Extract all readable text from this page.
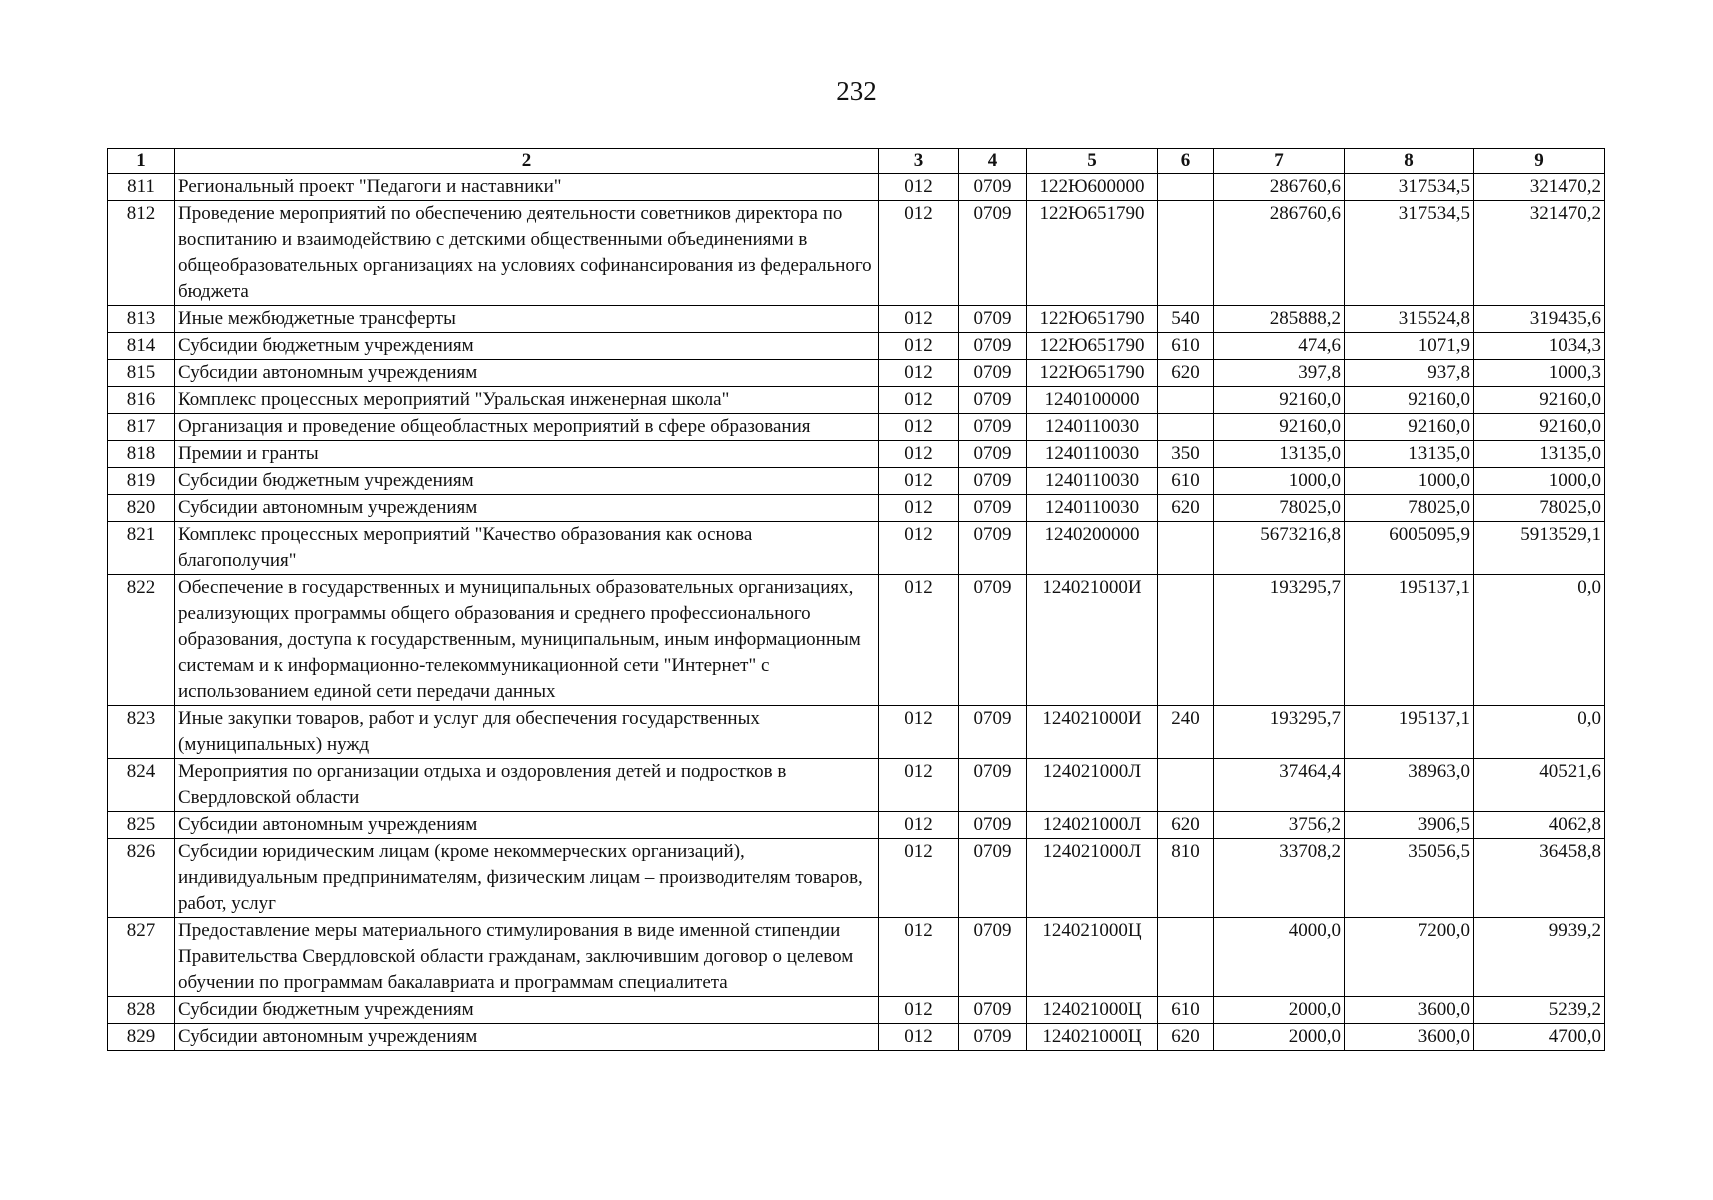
232
1	2	3	4	5	6	7	8	9
811	Региональный проект "Педагоги и наставники"	012	0709	122Ю600000		286760,6	317534,5	321470,2
812	Проведение мероприятий по обеспечению деятельности советников директора по воспитанию и взаимодействию с детскими общественными объединениями в общеобразовательных организациях на условиях софинансирования из федерального бюджета	012	0709	122Ю651790		286760,6	317534,5	321470,2
813	Иные межбюджетные трансферты	012	0709	122Ю651790	540	285888,2	315524,8	319435,6
814	Субсидии бюджетным учреждениям	012	0709	122Ю651790	610	474,6	1071,9	1034,3
815	Субсидии автономным учреждениям	012	0709	122Ю651790	620	397,8	937,8	1000,3
816	Комплекс процессных мероприятий "Уральская инженерная школа"	012	0709	1240100000		92160,0	92160,0	92160,0
817	Организация и проведение общеобластных мероприятий в сфере образования	012	0709	1240110030		92160,0	92160,0	92160,0
818	Премии и гранты	012	0709	1240110030	350	13135,0	13135,0	13135,0
819	Субсидии бюджетным учреждениям	012	0709	1240110030	610	1000,0	1000,0	1000,0
820	Субсидии автономным учреждениям	012	0709	1240110030	620	78025,0	78025,0	78025,0
821	Комплекс процессных мероприятий "Качество образования как основа благополучия"	012	0709	1240200000		5673216,8	6005095,9	5913529,1
822	Обеспечение в государственных и муниципальных образовательных организациях, реализующих программы общего образования и среднего профессионального образования, доступа к государственным, муниципальным, иным информационным системам и к информационно-телекоммуникационной сети "Интернет" с использованием единой сети передачи данных	012	0709	124021000И		193295,7	195137,1	0,0
823	Иные закупки товаров, работ и услуг для обеспечения государственных (муниципальных) нужд	012	0709	124021000И	240	193295,7	195137,1	0,0
824	Мероприятия по организации отдыха и оздоровления детей и подростков в Свердловской области	012	0709	124021000Л		37464,4	38963,0	40521,6
825	Субсидии автономным учреждениям	012	0709	124021000Л	620	3756,2	3906,5	4062,8
826	Субсидии юридическим лицам (кроме некоммерческих организаций), индивидуальным предпринимателям, физическим лицам – производителям товаров, работ, услуг	012	0709	124021000Л	810	33708,2	35056,5	36458,8
827	Предоставление меры материального стимулирования в виде именной стипендии Правительства Свердловской области гражданам, заключившим договор о целевом обучении по программам бакалавриата и программам специалитета	012	0709	124021000Ц		4000,0	7200,0	9939,2
828	Субсидии бюджетным учреждениям	012	0709	124021000Ц	610	2000,0	3600,0	5239,2
829	Субсидии автономным учреждениям	012	0709	124021000Ц	620	2000,0	3600,0	4700,0
